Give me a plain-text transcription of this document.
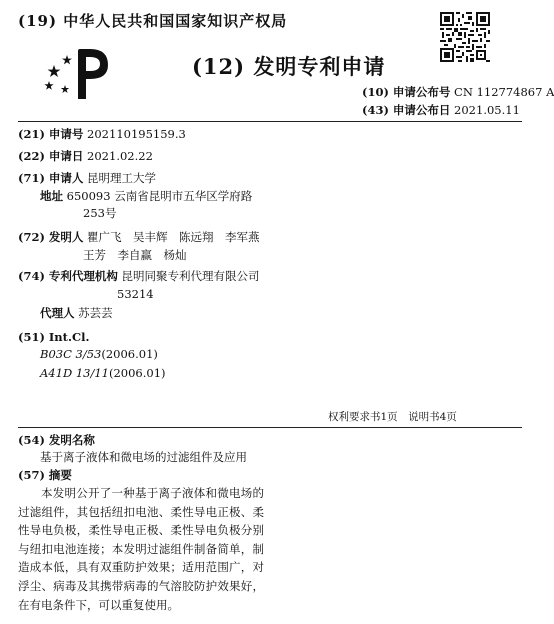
(19) 中华人民共和国国家知识产权局
(12) 发明专利申请
(10) 申请公布号 CN 112774867 A
(43) 申请公布日 2021.05.11
(21) 申请号 202110195159.3
(22) 申请日 2021.02.22
(71) 申请人 昆明理工大学
地址 650093 云南省昆明市五华区学府路
253号
(72) 发明人 瞿广飞　吴丰辉　陈远翔　李军燕
王芳　李自赢　杨灿
(74) 专利代理机构 昆明同聚专利代理有限公司
53214
代理人 苏芸芸
(51) Int.Cl.
B03C 3/53(2006.01)
A41D 13/11(2006.01)
权利要求书1页　说明书4页
(54) 发明名称
基于离子液体和微电场的过滤组件及应用
(57) 摘要
本发明公开了一种基于离子液体和微电场的过滤组件，其包括纽扣电池、柔性导电正极、柔性导电负极，柔性导电正极、柔性导电负极分别与纽扣电池连接；本发明过滤组件制备简单，制造成本低，具有双重防护效果；适用范围广，对浮尘、病毒及其携带病毒的气溶胶防护效果好，在有电条件下，可以重复使用。
